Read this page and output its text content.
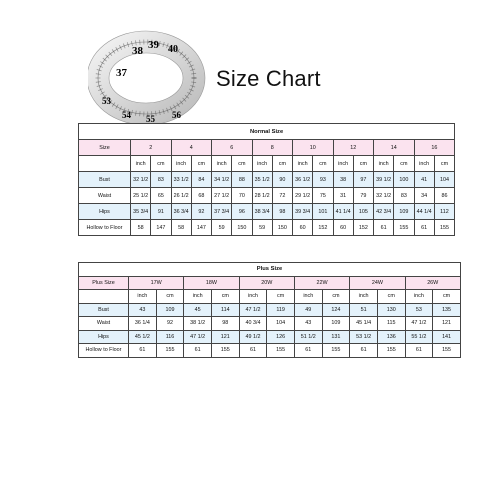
37
38 39 40
53
54 55 56
Size Chart
Normal Size																
Size	2		4		6		8		10		12		14		16	
	inch	cm	inch	cm	inch	cm	inch	cm	inch	cm	inch	cm	inch	cm	inch	cm
Bust	32 1/2	83	33 1/2	84	34 1/2	88	35 1/2	90	36 1/2	93	38	97	39 1/2	100	41	104
Waist	25 1/2	65	26 1/2	68	27 1/2	70	28 1/2	72	29 1/2	75	31	79	32 1/2	83	34	86
Hips	35 3/4	91	36 3/4	92	37 3/4	96	38 3/4	98	39 3/4	101	41 1/4	105	42 3/4	109	44 1/4	112
Hollow to Floor	58	147	58	147	59	150	59	150	60	152	60	152	61	155	61	155
Plus Size												
Plus Size	17W		18W		20W		22W		24W		26W	
	inch	cm	inch	cm	inch	cm	inch	cm	inch	cm	inch	cm
Bust	43	109	45	114	47 1/2	119	49	124	51	130	53	135
Waist	36 1/4	92	38 1/2	98	40 3/4	104	43	109	45 1/4	115	47 1/2	121
Hips	45 1/2	116	47 1/2	121	49 1/2	126	51 1/2	131	53 1/2	136	55 1/2	141
Hollow to Floor	61	155	61	155	61	155	61	155	61	155	61	155
